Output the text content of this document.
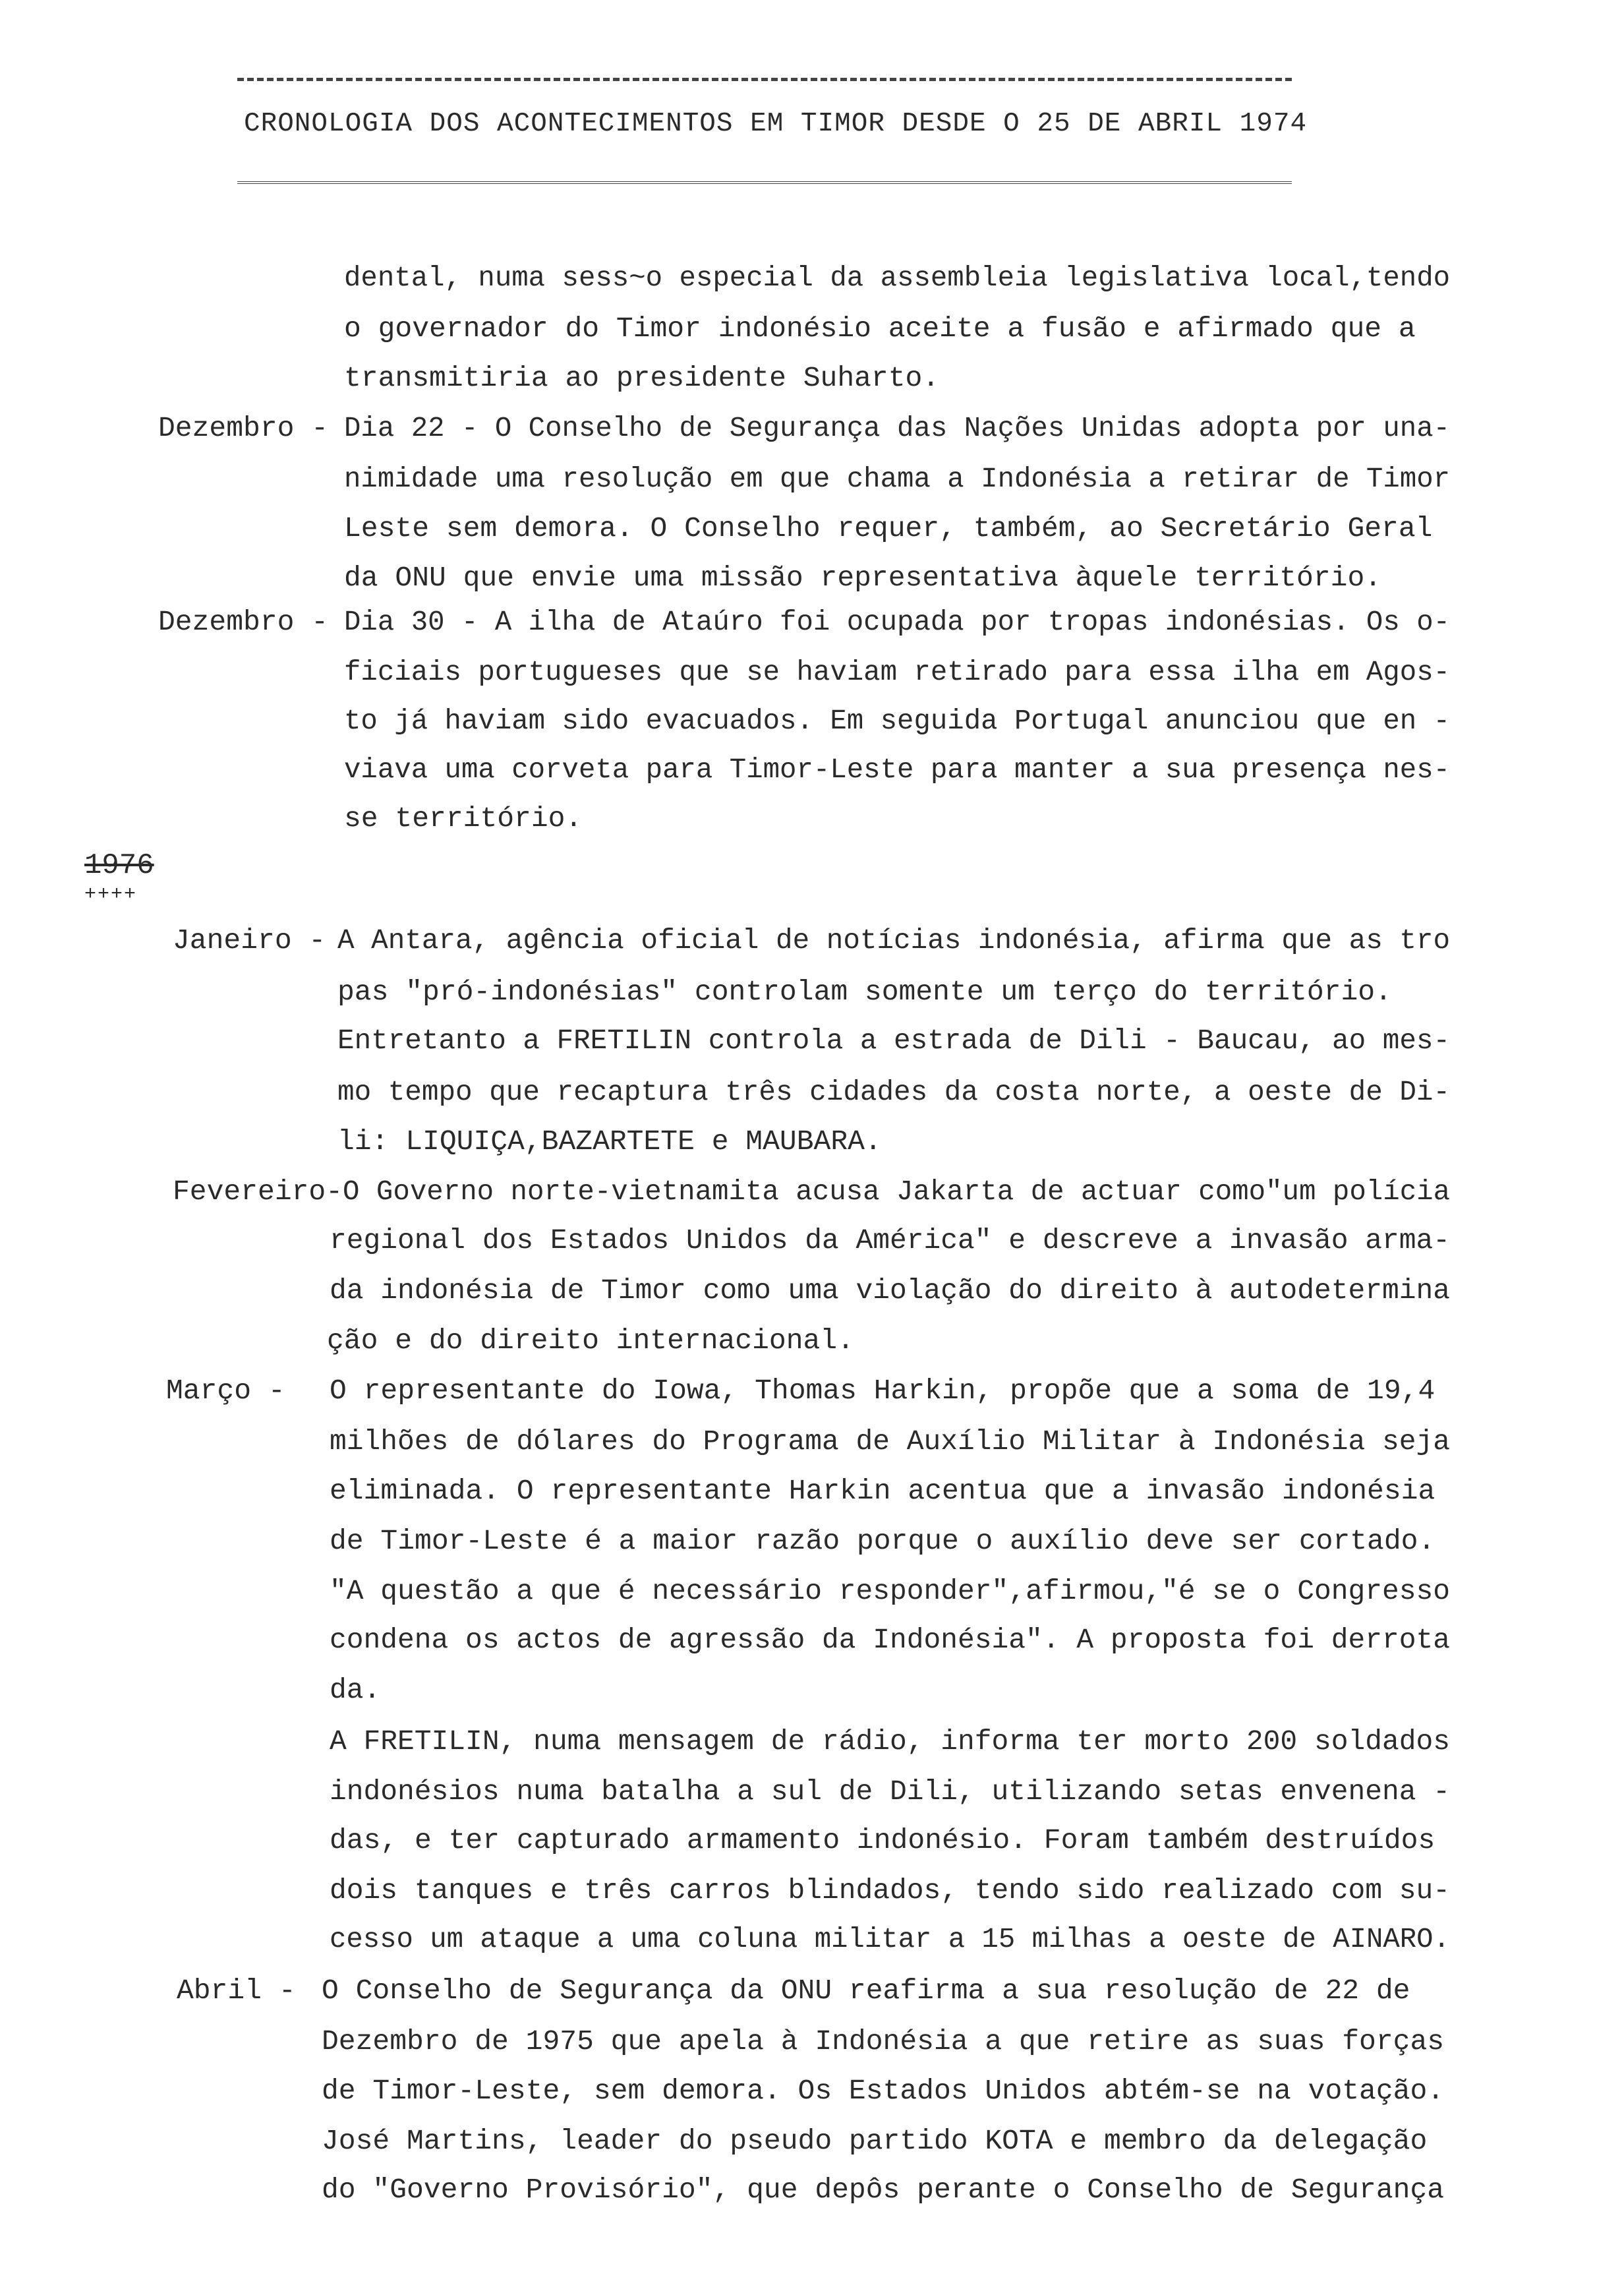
CRONOLOGIA DOS ACONTECIMENTOS EM TIMOR DESDE O 25 DE ABRIL 1974
dental, numa sess~o especial da assembleia legislativa local,tendo
o governador do Timor indonésio aceite a fusão e afirmado que a
transmitiria ao presidente Suharto.
Dezembro - Dia 22 - O Conselho de Segurança das Nações Unidas adopta por una-
nimidade uma resolução em que chama a Indonésia a retirar de Timor
Leste sem demora. O Conselho requer, também, ao Secretário Geral
da ONU que envie uma missão representativa àquele território.
Dezembro - Dia 30 - A ilha de Ataúro foi ocupada por tropas indonésias. Os o-
ficiais portugueses que se haviam retirado para essa ilha em Agos-
to já haviam sido evacuados. Em seguida Portugal anunciou que en -
viava uma corveta para Timor-Leste para manter a sua presença nes-
se território.
1976
++++
Janeiro - A Antara, agência oficial de notícias indonésia, afirma que as tro
pas "pró-indonésias" controlam somente um terço do território.
Entretanto a FRETILIN controla a estrada de Dili - Baucau, ao mes-
mo tempo que recaptura três cidades da costa norte, a oeste de Di-
li: LIQUIÇA,BAZARTETE e MAUBARA.
Fevereiro- O Governo norte-vietnamita acusa Jakarta de actuar como"um polícia
regional dos Estados Unidos da América" e descreve a invasão arma-
da indonésia de Timor como uma violação do direito à autodetermina
ção e do direito internacional.
Março - O representante do Iowa, Thomas Harkin, propõe que a soma de 19,4
milhões de dólares do Programa de Auxílio Militar à Indonésia seja
eliminada. O representante Harkin acentua que a invasão indonésia
de Timor-Leste é a maior razão porque o auxílio deve ser cortado.
"A questão a que é necessário responder",afirmou,"é se o Congresso
condena os actos de agressão da Indonésia". A proposta foi derrota
da.
A FRETILIN, numa mensagem de rádio, informa ter morto 200 soldados
indonésios numa batalha a sul de Dili, utilizando setas envenena -
das, e ter capturado armamento indonésio. Foram também destruídos
dois tanques e três carros blindados, tendo sido realizado com su-
cesso um ataque a uma coluna militar a 15 milhas a oeste de AINARO.
Abril - O Conselho de Segurança da ONU reafirma a sua resolução de 22 de
Dezembro de 1975 que apela à Indonésia a que retire as suas forças
de Timor-Leste, sem demora. Os Estados Unidos abtém-se na votação.
José Martins, leader do pseudo partido KOTA e membro da delegação
do "Governo Provisório", que depôs perante o Conselho de Segurança
